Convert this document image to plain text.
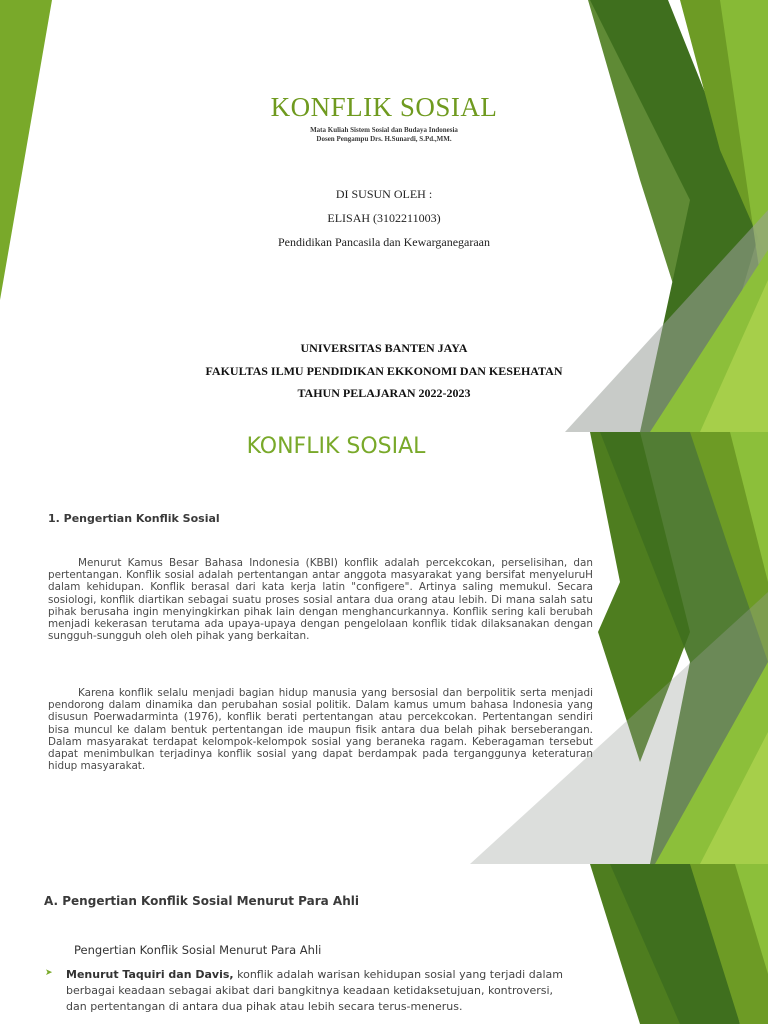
KONFLIK SOSIAL
Mata Kuliah Sistem Sosial dan Budaya Indonesia
Dosen Pengampu Drs. H.Sunardi, S.Pd.,MM.
DI SUSUN OLEH :
ELISAH (3102211003)
Pendidikan Pancasila dan Kewarganegaraan
UNIVERSITAS BANTEN JAYA
FAKULTAS ILMU PENDIDIKAN EKKONOMI DAN KESEHATAN
TAHUN PELAJARAN 2022-2023
KONFLIK SOSIAL
1. Pengertian Konflik Sosial

Menurut Kamus Besar Bahasa Indonesia (KBBI) konflik adalah percekcokan, perselisihan, dan pertentangan. Konflik sosial adalah pertentangan antar anggota masyarakat yang bersifat menyeluruH dalam kehidupan. Konflik berasal dari kata kerja latin "configere". Artinya saling memukul. Secara sosiologi, konflik diartikan sebagai suatu proses sosial antara dua orang atau lebih. Di mana salah satu pihak berusaha ingin menyingkirkan pihak lain dengan menghancurkannya. Konflik sering kali berubah menjadi kekerasan terutama ada upaya-upaya dengan pengelolaan konflik tidak dilaksanakan dengan sungguh-sungguh oleh oleh pihak yang berkaitan.

Karena konflik selalu menjadi bagian hidup manusia yang bersosial dan berpolitik serta menjadi pendorong dalam dinamika dan perubahan sosial politik. Dalam kamus umum bahasa Indonesia yang disusun Poerwadarminta (1976), konflik berati pertentangan atau percekcokan. Pertentangan sendiri bisa muncul ke dalam bentuk pertentangan ide maupun fisik antara dua belah pihak berseberangan. Dalam masyarakat terdapat kelompok-kelompok sosial yang beraneka ragam. Keberagaman tersebut dapat menimbulkan terjadinya konflik sosial yang dapat berdampak pada terganggunya keteraturan hidup masyarakat.

A. Pengertian Konflik Sosial Menurut Para Ahli
Pengertian Konflik Sosial Menurut Para Ahli
➤ Menurut Taquiri dan Davis, konflik adalah warisan kehidupan sosial yang terjadi dalam berbagai keadaan sebagai akibat dari bangkitnya keadaan ketidaksetujuan, kontroversi, dan pertentangan di antara dua pihak atau lebih secara terus-menerus.
